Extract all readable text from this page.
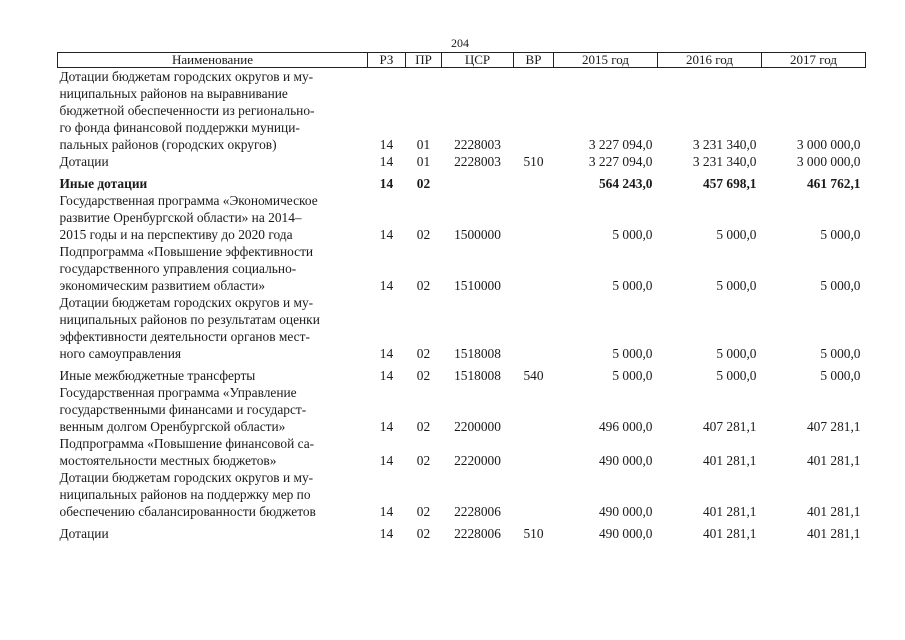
204
Наименование	РЗ	ПР	ЦСР	ВР	2015 год	2016 год	2017 год
Дотации бюджетам городских округов и му-
ниципальных районов на выравнивание
бюджетной обеспеченности из регионально-
го фонда финансовой поддержки муници-
пальных районов (городских округов)	14	01	2228003		3 227 094,0	3 231 340,0	3 000 000,0
Дотации	14	01	2228003	510	3 227 094,0	3 231 340,0	3 000 000,0
Иные дотации	14	02			564 243,0	457 698,1	461 762,1
Государственная программа «Экономическое
развитие Оренбургской области» на 2014–
2015 годы и на перспективу до 2020 года	14	02	1500000		5 000,0	5 000,0	5 000,0
Подпрограмма «Повышение эффективности
государственного управления социально-
экономическим развитием области»	14	02	1510000		5 000,0	5 000,0	5 000,0
Дотации бюджетам городских округов и му-
ниципальных районов по результатам оценки
эффективности деятельности органов мест-
ного самоуправления	14	02	1518008		5 000,0	5 000,0	5 000,0
Иные межбюджетные трансферты	14	02	1518008	540	5 000,0	5 000,0	5 000,0
Государственная программа «Управление
государственными финансами и государст-
венным долгом Оренбургской области»	14	02	2200000		496 000,0	407 281,1	407 281,1
Подпрограмма «Повышение финансовой са-
мостоятельности местных бюджетов»	14	02	2220000		490 000,0	401 281,1	401 281,1
Дотации бюджетам городских округов и му-
ниципальных районов на поддержку мер по
обеспечению сбалансированности бюджетов	14	02	2228006		490 000,0	401 281,1	401 281,1
Дотации	14	02	2228006	510	490 000,0	401 281,1	401 281,1
